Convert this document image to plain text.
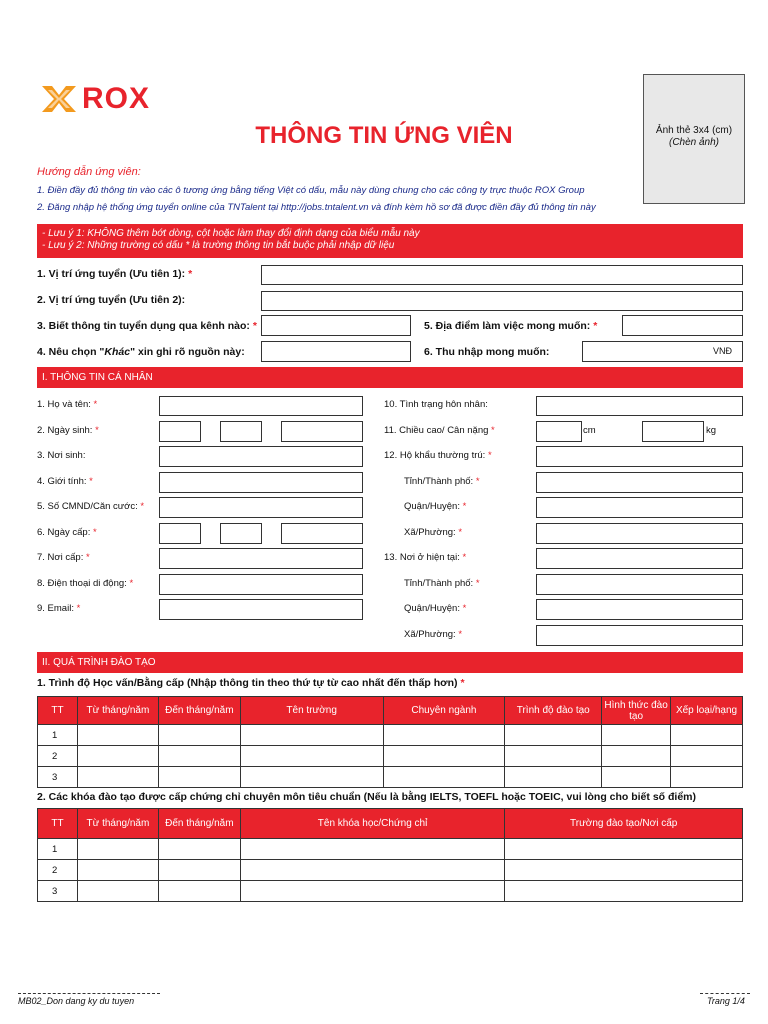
ROX
Ảnh thẻ 3x4 (cm)
(Chèn ảnh)
THÔNG TIN ỨNG VIÊN
Hướng dẫn ứng viên:
1. Điền đầy đủ thông tin vào các ô tương ứng bằng tiếng Việt có dấu, mẫu này dùng chung cho các công ty trực thuộc ROX Group
2. Đăng nhập hệ thống ứng tuyển online của TNTalent tại http://jobs.tntalent.vn và đính kèm hồ sơ đã được điền đầy đủ thông tin này
- Lưu ý 1: KHÔNG thêm bớt dòng, cột hoặc làm thay đổi định dạng của biểu mẫu này
- Lưu ý 2: Những trường có dấu * là trường thông tin bắt buộc phải nhập dữ liệu
1. Vị trí ứng tuyển (Ưu tiên 1): *
2. Vị trí ứng tuyển (Ưu tiên 2):
3. Biết thông tin tuyển dụng qua kênh nào: *	5. Địa điểm làm việc mong muốn: *
4. Nêu chọn "Khác" xin ghi rõ nguồn này:	6. Thu nhập mong muốn:	VNĐ
I. THÔNG TIN CÁ NHÂN
1. Họ và tên: *
2. Ngày sinh: *
3. Nơi sinh:
4. Giới tính: *
5. Số CMND/Căn cước: *
6. Ngày cấp: *
7. Nơi cấp: *
8. Điện thoại di động: *
9. Email: *
10. Tình trạng hôn nhân:
11. Chiều cao/ Cân nặng *	cm	kg
12. Hộ khẩu thường trú: *
Tỉnh/Thành phố: *
Quận/Huyện: *
Xã/Phường: *
13. Nơi ở hiện tại: *
Tỉnh/Thành phố: *
Quận/Huyện: *
Xã/Phường: *
II. QUÁ TRÌNH ĐÀO TẠO
1. Trình độ Học vấn/Bằng cấp (Nhập thông tin theo thứ tự từ cao nhất đến thấp hơn) *
TT	Từ tháng/năm	Đến tháng/năm	Tên trường	Chuyên ngành	Trình độ đào tạo	Hình thức đào tạo	Xếp loại/hạng
1							
2							
3							
2. Các khóa đào tạo được cấp chứng chỉ chuyên môn tiêu chuẩn (Nếu là bằng IELTS, TOEFL hoặc TOEIC, vui lòng cho biết số điểm)
TT	Từ tháng/năm	Đến tháng/năm	Tên khóa học/Chứng chỉ	Trường đào tạo/Nơi cấp
1				
2				
3				
MB02_Don dang ky du tuyen	Trang 1/4
